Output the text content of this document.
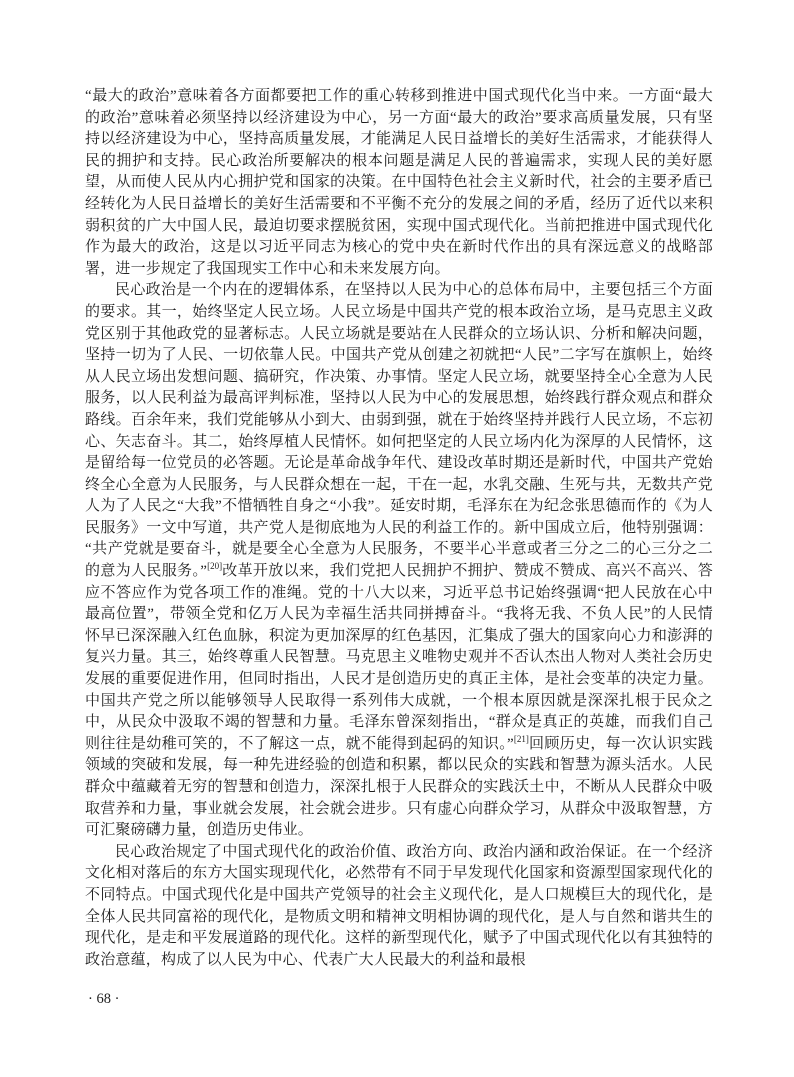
“最大的政治”意味着各方面都要把工作的重心转移到推进中国式现代化当中来。一方面“最大的政治”意味着必须坚持以经济建设为中心，另一方面“最大的政治”要求高质量发展，只有坚持以经济建设为中心，坚持高质量发展，才能满足人民日益增长的美好生活需求，才能获得人民的拥护和支持。民心政治所要解决的根本问题是满足人民的普遍需求，实现人民的美好愿望，从而使人民从内心拥护党和国家的决策。在中国特色社会主义新时代，社会的主要矛盾已经转化为人民日益增长的美好生活需要和不平衡不充分的发展之间的矛盾，经历了近代以来积弱积贫的广大中国人民，最迫切要求摆脱贫困，实现中国式现代化。当前把推进中国式现代化作为最大的政治，这是以习近平同志为核心的党中央在新时代作出的具有深远意义的战略部署，进一步规定了我国现实工作中心和未来发展方向。

民心政治是一个内在的逻辑体系，在坚持以人民为中心的总体布局中，主要包括三个方面的要求。其一，始终坚定人民立场。人民立场是中国共产党的根本政治立场，是马克思主义政党区别于其他政党的显著标志。人民立场就是要站在人民群众的立场认识、分析和解决问题，坚持一切为了人民、一切依靠人民。中国共产党从创建之初就把“人民”二字写在旗帜上，始终从人民立场出发想问题、搞研究，作决策、办事情。坚定人民立场，就要坚持全心全意为人民服务，以人民利益为最高评判标准，坚持以人民为中心的发展思想，始终践行群众观点和群众路线。百余年来，我们党能够从小到大、由弱到强，就在于始终坚持并践行人民立场，不忘初心、矢志奋斗。其二，始终厚植人民情怀。如何把坚定的人民立场内化为深厚的人民情怀，这是留给每一位党员的必答题。无论是革命战争年代、建设改革时期还是新时代，中国共产党始终全心全意为人民服务，与人民群众想在一起，干在一起，水乳交融、生死与共，无数共产党人为了人民之“大我”不惜牺牲自身之“小我”。延安时期，毛泽东在为纪念张思德而作的《为人民服务》一文中写道，共产党人是彻底地为人民的利益工作的。新中国成立后，他特别强调：“共产党就是要奋斗，就是要全心全意为人民服务，不要半心半意或者三分之二的心三分之二的意为人民服务。”[20]改革开放以来，我们党把人民拥护不拥护、赞成不赞成、高兴不高兴、答应不答应作为党各项工作的准绳。党的十八大以来，习近平总书记始终强调“把人民放在心中最高位置”，带领全党和亿万人民为幸福生活共同拼搏奋斗。“我将无我、不负人民”的人民情怀早已深深融入红色血脉，积淀为更加深厚的红色基因，汇集成了强大的国家向心力和澎湃的复兴力量。其三，始终尊重人民智慧。马克思主义唯物史观并不否认杰出人物对人类社会历史发展的重要促进作用，但同时指出，人民才是创造历史的真正主体，是社会变革的决定力量。中国共产党之所以能够领导人民取得一系列伟大成就，一个根本原因就是深深扎根于民众之中，从民众中汲取不竭的智慧和力量。毛泽东曾深刻指出，“群众是真正的英雄，而我们自己则往往是幼稚可笑的，不了解这一点，就不能得到起码的知识。”[21]回顾历史，每一次认识实践领域的突破和发展，每一种先进经验的创造和积累，都以民众的实践和智慧为源头活水。人民群众中蕴藏着无穷的智慧和创造力，深深扎根于人民群众的实践沃土中，不断从人民群众中吸取营养和力量，事业就会发展，社会就会进步。只有虚心向群众学习，从群众中汲取智慧，方可汇聚磅礴力量，创造历史伟业。

民心政治规定了中国式现代化的政治价值、政治方向、政治内涵和政治保证。在一个经济文化相对落后的东方大国实现现代化，必然带有不同于早发现代化国家和资源型国家现代化的不同特点。中国式现代化是中国共产党领导的社会主义现代化，是人口规模巨大的现代化，是全体人民共同富裕的现代化，是物质文明和精神文明相协调的现代化，是人与自然和谐共生的现代化，是走和平发展道路的现代化。这样的新型现代化，赋予了中国式现代化以有其独特的政治意蕴，构成了以人民为中心、代表广大人民最大的利益和最根

· 68 ·
